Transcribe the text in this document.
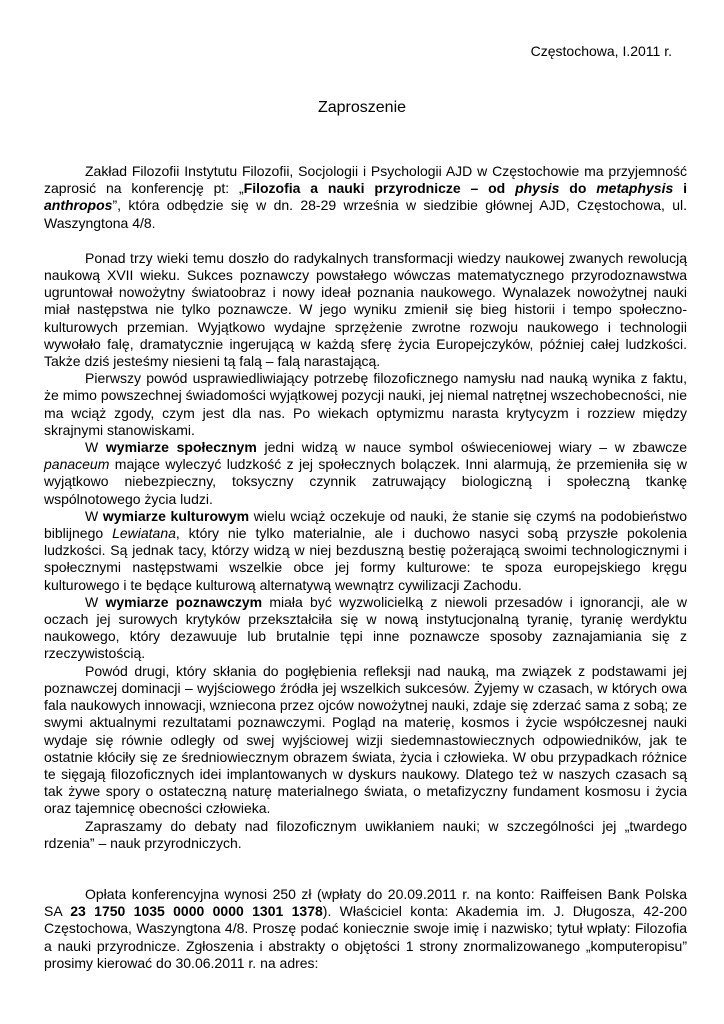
Częstochowa, I.2011 r.

Zaproszenie

Zakład Filozofii Instytutu Filozofii, Socjologii i Psychologii AJD w Częstochowie ma przyjemność zaprosić na konferencję pt: „Filozofia a nauki przyrodnicze – od physis do metaphysis i anthropos”, która odbędzie się w dn. 28-29 września w siedzibie głównej AJD, Częstochowa, ul. Waszyngtona 4/8.

Ponad trzy wieki temu doszło do radykalnych transformacji wiedzy naukowej zwanych rewolucją naukową XVII wieku. Sukces poznawczy powstałego wówczas matematycznego przyrodoznawstwa ugruntował nowożytny światoobraz i nowy ideał poznania naukowego. Wynalazek nowożytnej nauki miał następstwa nie tylko poznawcze. W jego wyniku zmienił się bieg historii i tempo społeczno-kulturowych przemian. Wyjątkowo wydajne sprzężenie zwrotne rozwoju naukowego i technologii wywołało falę, dramatycznie ingerującą w każdą sferę życia Europejczyków, później całej ludzkości. Także dziś jesteśmy niesieni tą falą – falą narastającą.

Pierwszy powód usprawiedliwiający potrzebę filozoficznego namysłu nad nauką wynika z faktu, że mimo powszechnej świadomości wyjątkowej pozycji nauki, jej niemal natrętnej wszechobecności, nie ma wciąż zgody, czym jest dla nas. Po wiekach optymizmu narasta krytycyzm i rozziew między skrajnymi stanowiskami.

W wymiarze społecznym jedni widzą w nauce symbol oświeceniowej wiary – w zbawcze panaceum mające wyleczyć ludzkość z jej społecznych bolączek. Inni alarmują, że przemieniła się w wyjątkowo niebezpieczny, toksyczny czynnik zatruwający biologiczną i społeczną tkankę wspólnotowego życia ludzi.

W wymiarze kulturowym wielu wciąż oczekuje od nauki, że stanie się czymś na podobieństwo biblijnego Lewiatana, który nie tylko materialnie, ale i duchowo nasyci sobą przyszłe pokolenia ludzkości. Są jednak tacy, którzy widzą w niej bezduszną bestię pożerającą swoimi technologicznymi i społecznymi następstwami wszelkie obce jej formy kulturowe: te spoza europejskiego kręgu kulturowego i te będące kulturową alternatywą wewnątrz cywilizacji Zachodu.

W wymiarze poznawczym miała być wyzwolicielką z niewoli przesadów i ignorancji, ale w oczach jej surowych krytyków przekształciła się w nową instytucjonalną tyranię, tyranię werdyktu naukowego, który dezawuuje lub brutalnie tępi inne poznawcze sposoby zaznajamiania się z rzeczywistością.

Powód drugi, który skłania do pogłębienia refleksji nad nauką, ma związek z podstawami jej poznawczej dominacji – wyjściowego źródła jej wszelkich sukcesów. Żyjemy w czasach, w których owa fala naukowych innowacji, wzniecona przez ojców nowożytnej nauki, zdaje się zderzać sama z sobą; ze swymi aktualnymi rezultatami poznawczymi. Pogląd na materię, kosmos i życie współczesnej nauki wydaje się równie odległy od swej wyjściowej wizji siedemnastowiecznych odpowiedników, jak te ostatnie kłóciły się ze średniowiecznym obrazem świata, życia i człowieka. W obu przypadkach różnice te sięgają filozoficznych idei implantowanych w dyskurs naukowy. Dlatego też w naszych czasach są tak żywe spory o ostateczną naturę materialnego świata, o metafizyczny fundament kosmosu i życia oraz tajemnicę obecności człowieka.

Zapraszamy do debaty nad filozoficznym uwikłaniem nauki; w szczególności jej „twardego rdzenia” – nauk przyrodniczych.

Opłata konferencyjna wynosi 250 zł (wpłaty do 20.09.2011 r. na konto: Raiffeisen Bank Polska SA 23 1750 1035 0000 0000 1301 1378). Właściciel konta: Akademia im. J. Długosza, 42-200 Częstochowa, Waszyngtona 4/8. Proszę podać koniecznie swoje imię i nazwisko; tytuł wpłaty: Filozofia a nauki przyrodnicze. Zgłoszenia i abstrakty o objętości 1 strony znormalizowanego „komputeropisu” prosimy kierować do 30.06.2011 r. na adres:
